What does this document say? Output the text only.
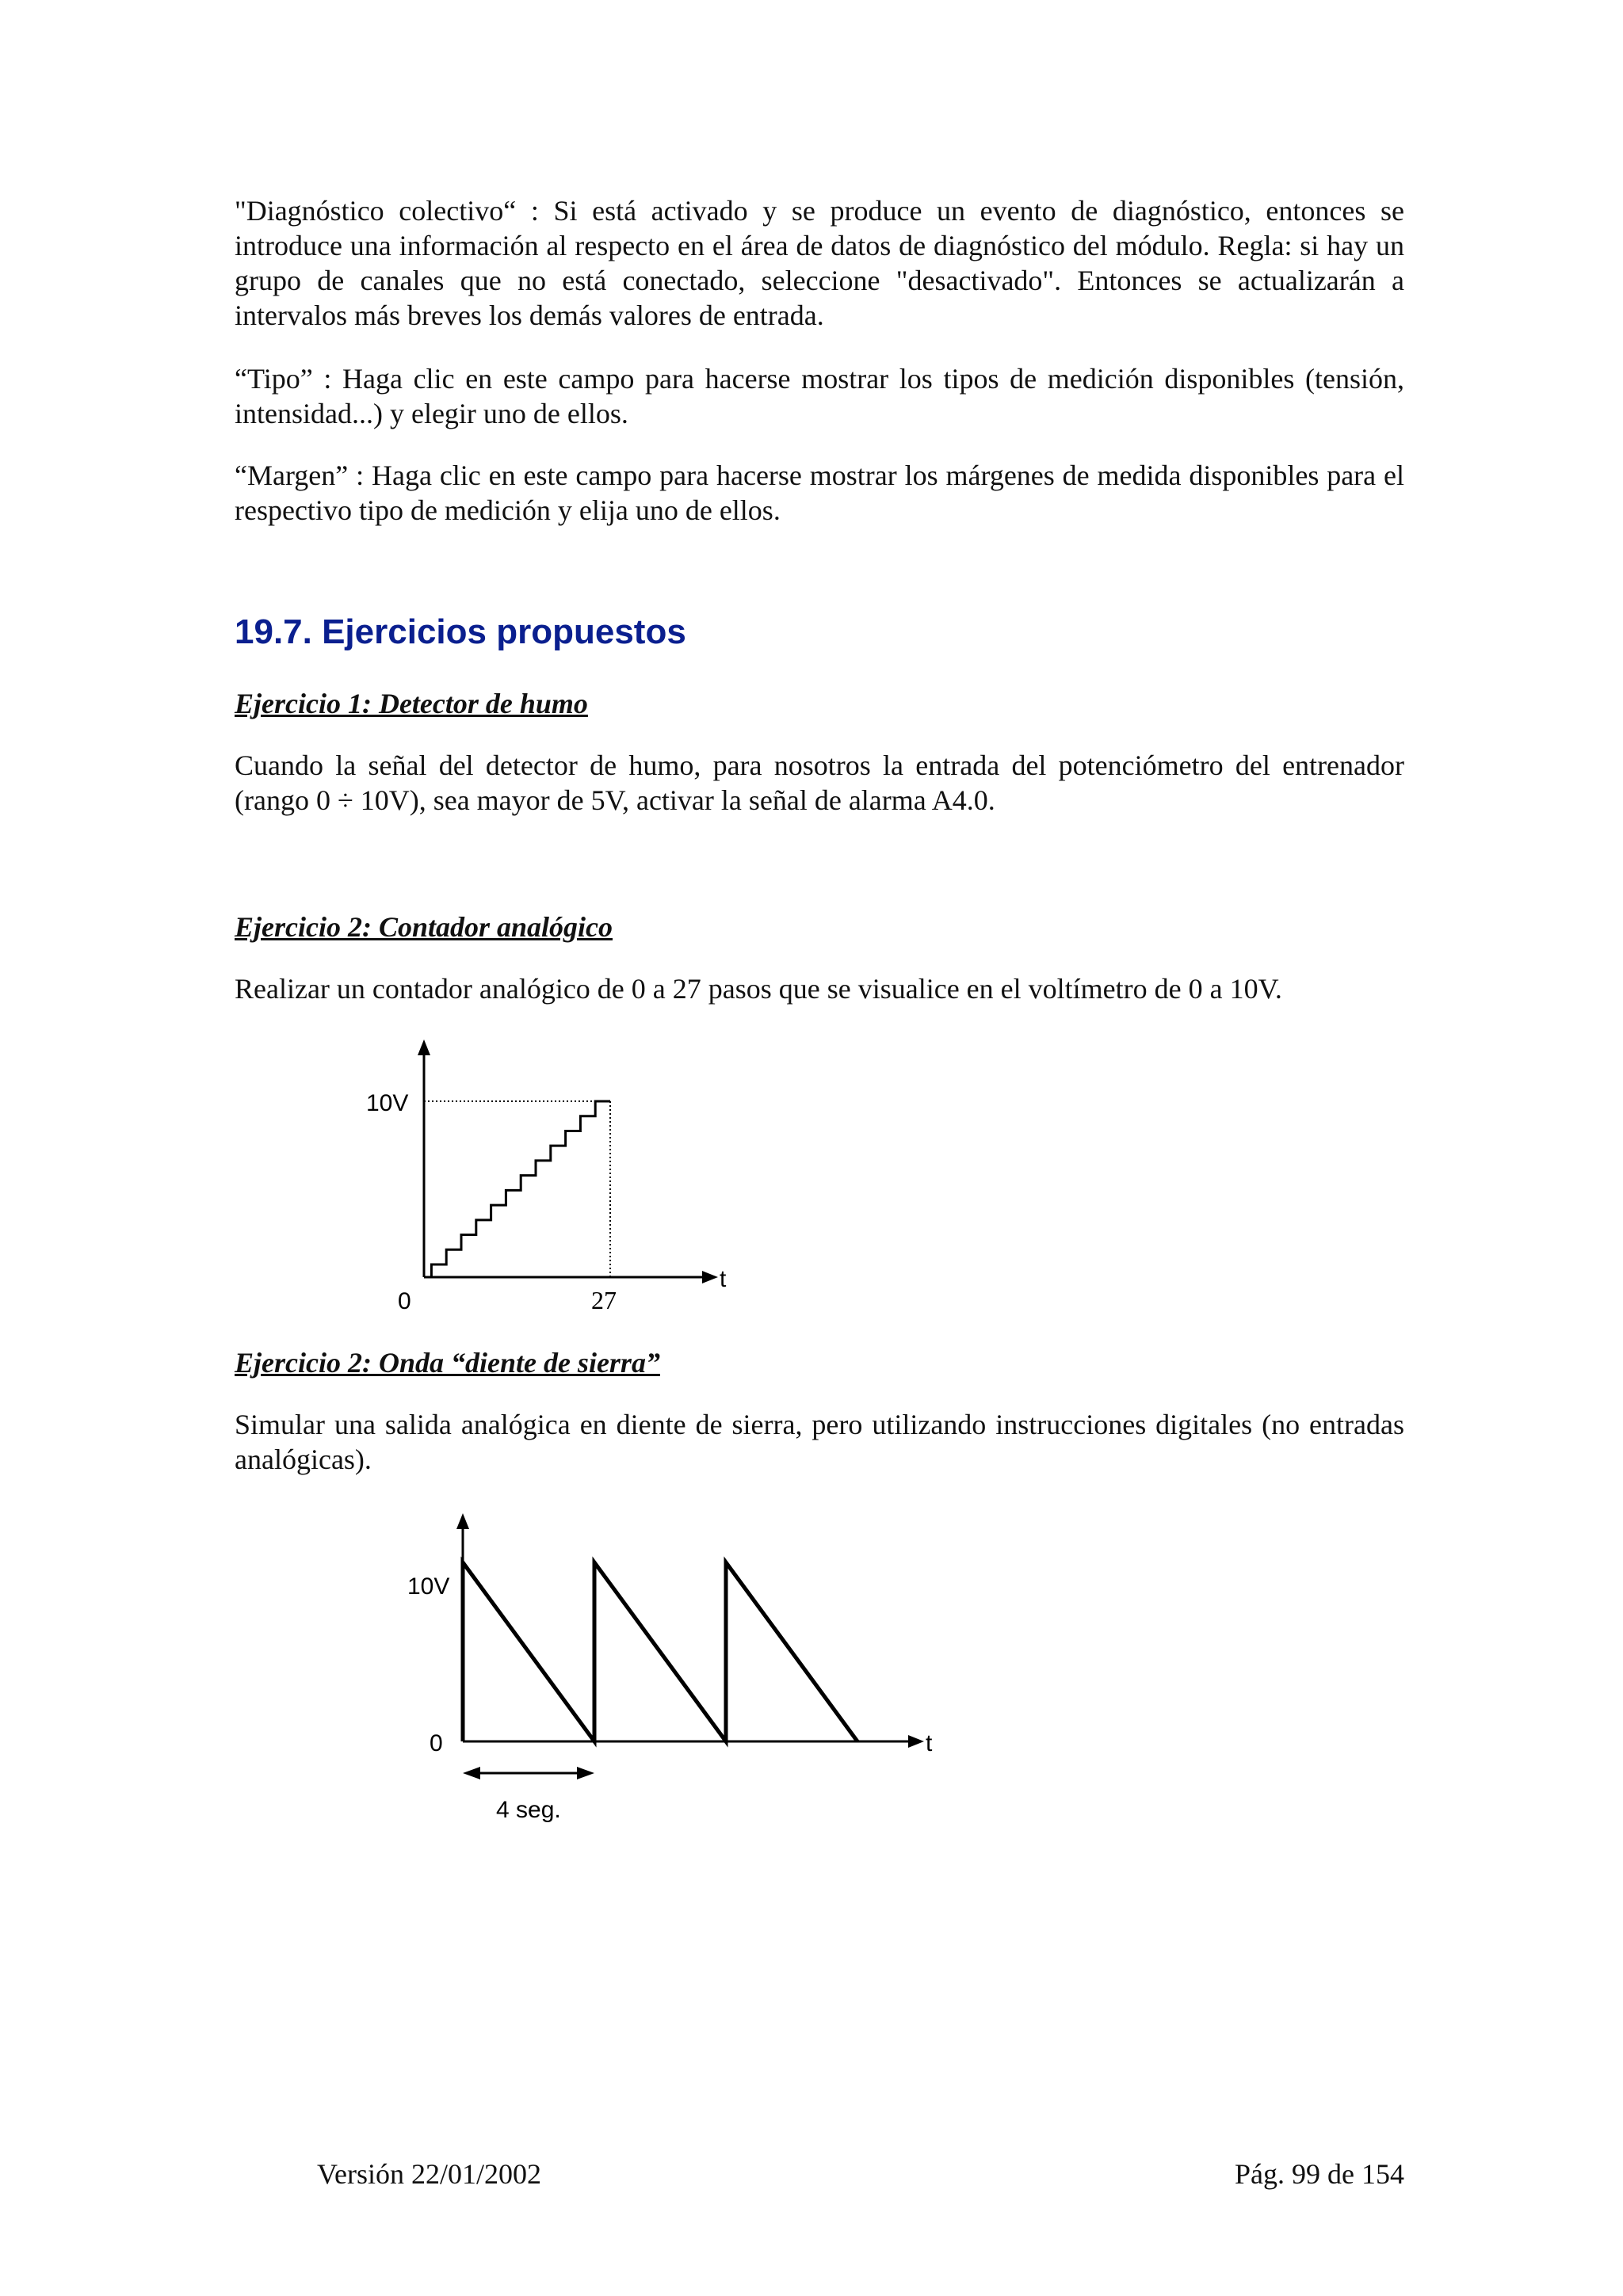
"Diagnóstico colectivo“ : Si está activado y se produce un evento de diagnóstico, entonces se introduce una información al respecto en el área de datos de diagnóstico del módulo. Regla: si hay un grupo de canales que no está conectado, seleccione "desactivado". Entonces se actualizarán a intervalos más breves los demás valores de entrada.

“Tipo” : Haga clic en este campo para hacerse mostrar los tipos de medición disponibles (tensión, intensidad...) y elegir uno de ellos.

“Margen” : Haga clic en este campo para hacerse mostrar los márgenes de medida disponibles para el respectivo tipo de medición y elija uno de ellos.

19.7. Ejercicios propuestos

Ejercicio 1: Detector de humo

Cuando la señal del detector de humo, para nosotros la entrada del potenciómetro del entrenador (rango 0 ÷ 10V), sea mayor de 5V, activar la señal de alarma A4.0.

Ejercicio 2: Contador analógico

Realizar un contador analógico de 0 a 27 pasos que se visualice en el voltímetro de 0 a 10V.

10V
0	27
t

Ejercicio 2: Onda “diente de sierra”

Simular una salida analógica en diente de sierra, pero utilizando instrucciones digitales (no entradas analógicas).

10V
0	t
4 seg.

Versión 22/01/2002	Pág. 99 de 154
